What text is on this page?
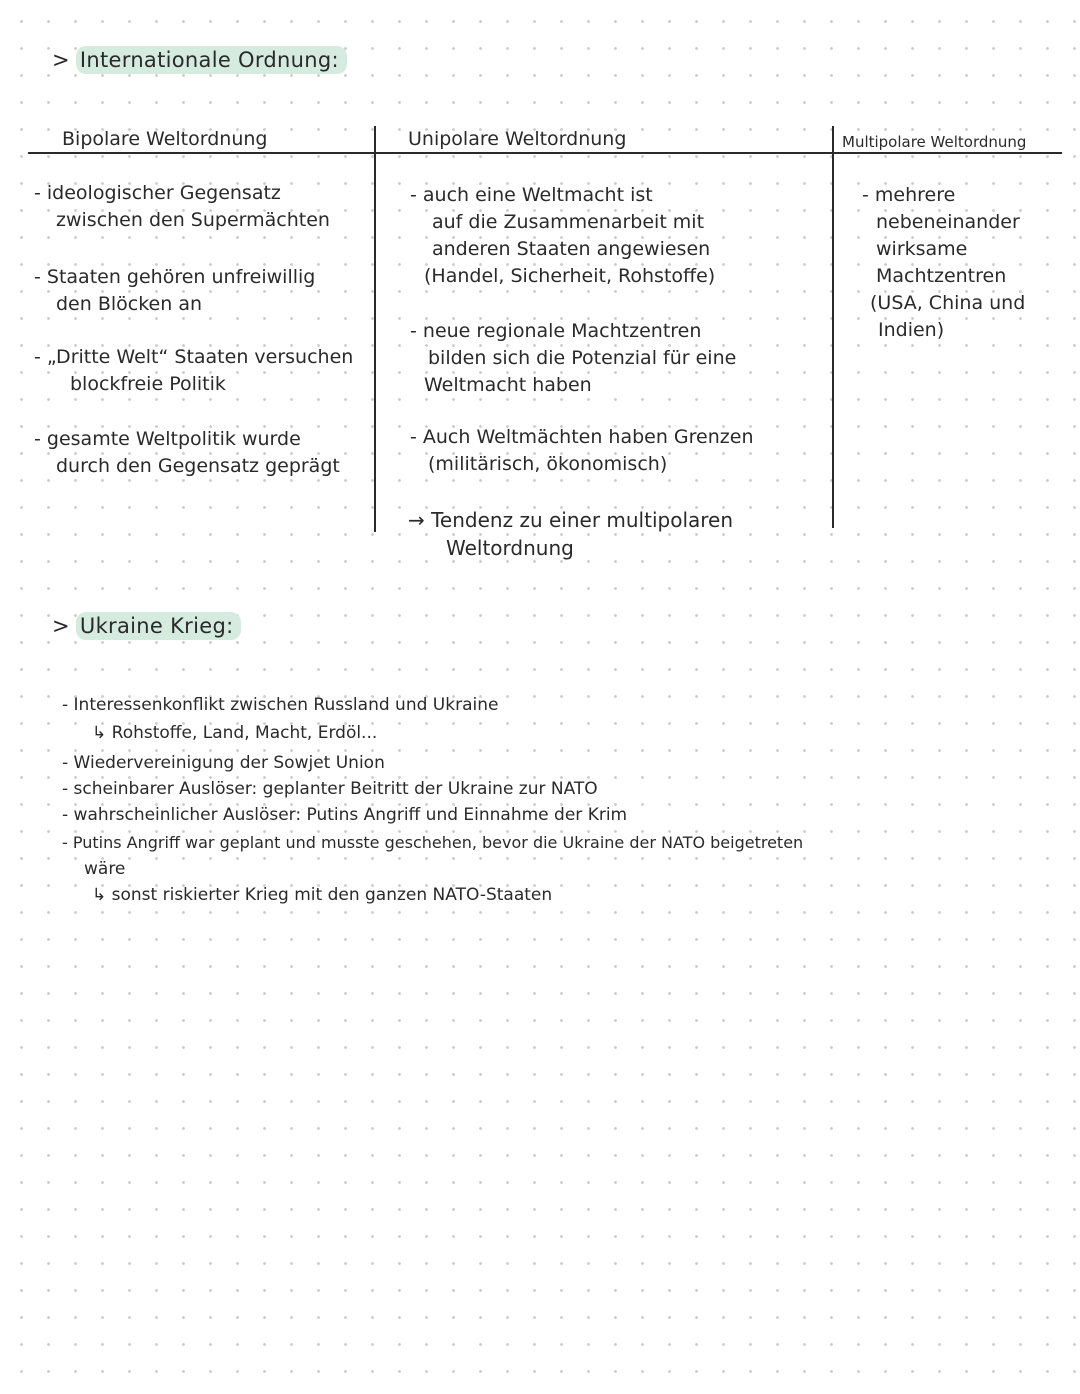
> Internationale Ordnung:
Bipolare Weltordnung	Unipolare Weltordnung	Multipolare Weltordnung
- ideologischer Gegensatz
zwischen den Supermächten
- Staaten gehören unfreiwillig
den Blöcken an
- „Dritte Welt“ Staaten versuchen
blockfreie Politik
- gesamte Weltpolitik wurde
durch den Gegensatz geprägt
- auch eine Weltmacht ist
auf die Zusammenarbeit mit
anderen Staaten angewiesen
(Handel, Sicherheit, Rohstoffe)
- neue regionale Machtzentren
bilden sich die Potenzial für eine
Weltmacht haben
- Auch Weltmächten haben Grenzen
(militärisch, ökonomisch)
→ Tendenz zu einer multipolaren
Weltordnung
- mehrere
nebeneinander
wirksame
Machtzentren
(USA, China und
Indien)
> Ukraine Krieg:
- Interessenkonflikt zwischen Russland und Ukraine
↳ Rohstoffe, Land, Macht, Erdöl...
- Wiedervereinigung der Sowjet Union
- scheinbarer Auslöser: geplanter Beitritt der Ukraine zur NATO
- wahrscheinlicher Auslöser: Putins Angriff und Einnahme der Krim
- Putins Angriff war geplant und musste geschehen, bevor die Ukraine der NATO beigetreten
wäre
↳ sonst riskierter Krieg mit den ganzen NATO-Staaten
